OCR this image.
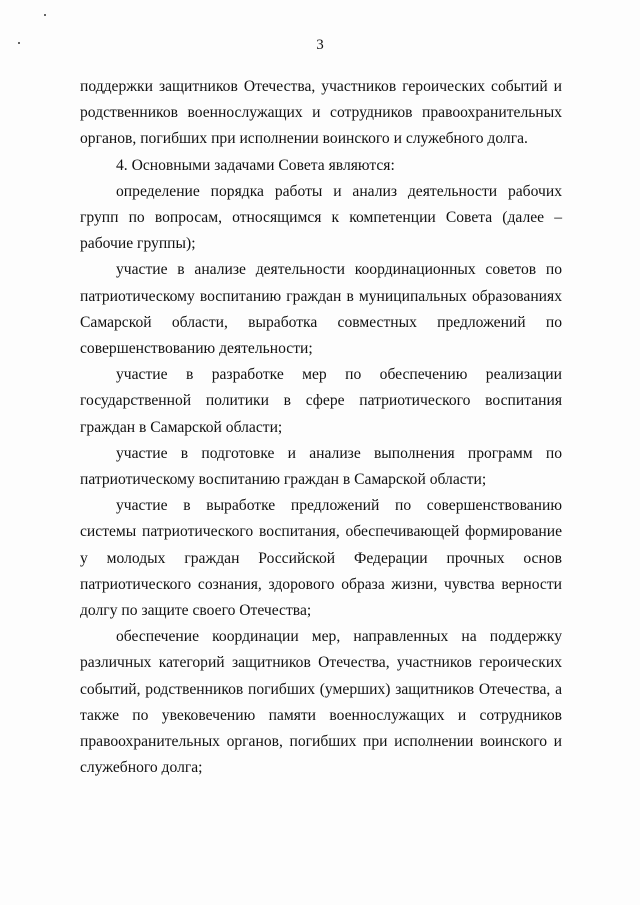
3

поддержки защитников Отечества, участников героических событий и родственников военнослужащих и сотрудников правоохранительных органов, погибших при исполнении воинского и служебного долга.

4. Основными задачами Совета являются:

определение порядка работы и анализ деятельности рабочих групп по вопросам, относящимся к компетенции Совета (далее – рабочие группы);

участие в анализе деятельности координационных советов по патриотическому воспитанию граждан в муниципальных образованиях Самарской области, выработка совместных предложений по совершенствованию деятельности;

участие в разработке мер по обеспечению реализации государственной политики в сфере патриотического воспитания граждан в Самарской области;

участие в подготовке и анализе выполнения программ по патриотическому воспитанию граждан в Самарской области;

участие в выработке предложений по совершенствованию системы патриотического воспитания, обеспечивающей формирование у молодых граждан Российской Федерации прочных основ патриотического сознания, здорового образа жизни, чувства верности долгу по защите своего Отечества;

обеспечение координации мер, направленных на поддержку различных категорий защитников Отечества, участников героических событий, родственников погибших (умерших) защитников Отечества, а также по увековечению памяти военнослужащих и сотрудников правоохранительных органов, погибших при исполнении воинского и служебного долга;
